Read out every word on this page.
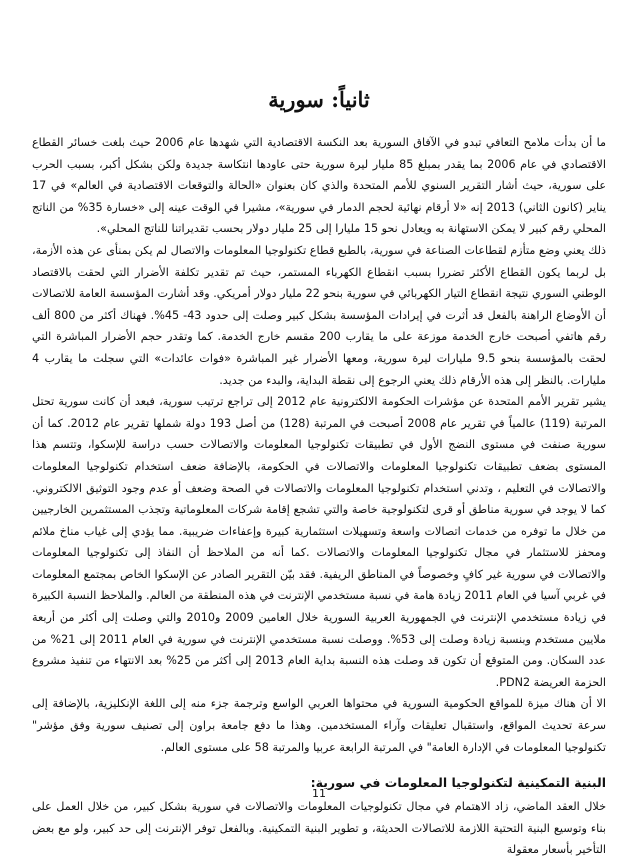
ثانياً: سورية

ما أن بدأت ملامح التعافي تبدو في الآفاق السورية بعد النكسة الاقتصادية التي شهدها عام 2006 حيث بلغت خسائر القطاع الاقتصادي في عام 2006 بما يقدر بمبلغ 85 مليار ليرة سورية حتى عاودها انتكاسة جديدة ولكن بشكل أكبر، بسبب الحرب على سورية، حيث أشار التقرير السنوي للأمم المتحدة والذي كان بعنوان «الحالة والتوقعات الاقتصادية في العالم» في 17 يناير (كانون الثاني) 2013 إنه «لا أرقام نهائية لحجم الدمار في سورية»، مشيرا في الوقت عينه إلى «خسارة 35% من الناتج المحلي رقم كبير لا يمكن الاستهانة به ويعادل نحو 15 مليارا إلى 25 مليار دولار بحسب تقديراتنا للناتج المحلي».

ذلك يعني وضع متأزم لقطاعات الصناعة في سورية، بالطبع قطاع تكنولوجيا المعلومات والاتصال لم يكن بمنأى عن هذه الأزمة، بل لربما يكون القطاع الأكثر تضررا بسبب انقطاع الكهرباء المستمر، حيث تم تقدير تكلفة الأضرار التي لحقت بالاقتصاد الوطني السوري نتيجة انقطاع التيار الكهربائي في سورية بنحو 22 مليار دولار أمريكي. وقد أشارت المؤسسة العامة للاتصالات أن الأوضاع الراهنة بالفعل قد أثرت في إيرادات المؤسسة بشكل كبير وصلت إلى حدود 43- 45%. فهناك أكثر من 800 ألف رقم هاتفي أصبحت خارج الخدمة موزعة على ما يقارب 200 مقسم خارج الخدمة. كما وتقدر حجم الأضرار المباشرة التي لحقت بالمؤسسة بنحو 9.5 مليارات ليرة سورية، ومعها الأضرار غير المباشرة «فوات عائدات» التي سجلت ما يقارب 4 مليارات. بالنظر إلى هذه الأرقام ذلك يعني الرجوع إلى نقطة البداية، والبدء من جديد.

يشير تقرير الأمم المتحدة عن مؤشرات الحكومة الالكترونية عام 2012 إلى تراجع ترتيب سورية، فبعد أن كانت سورية تحتل المرتبة (119) عالمياً في تقرير عام 2008 أصبحت في المرتبة (128) من أصل 193 دولة شملها تقرير عام 2012. كما أن سورية صنفت في مستوى النضج الأول في تطبيقات تكنولوجيا المعلومات والاتصالات حسب دراسة للإسكوا، وتتسم هذا المستوى بضعف تطبيقات تكنولوجيا المعلومات والاتصالات في الحكومة، بالإضافة ضعف استخدام تكنولوجيا المعلومات والاتصالات في التعليم ، وتدني استخدام تكنولوجيا المعلومات والاتصالات في الصحة وضعف أو عدم وجود التوثيق الالكتروني. كما لا يوجد في سورية مناطق أو قرى لتكنولوجية خاصة والتي تشجع إقامة شركات المعلوماتية وتجذب المستثمرين الخارجيين من خلال ما توفره من خدمات اتصالات واسعة وتسهيلات استثمارية كبيرة وإعفاءات ضريبية. مما يؤدي إلى غياب مناخ ملائم ومحفز للاستثمار في مجال تكنولوجيا المعلومات والاتصالات .كما أنه من الملاحظ أن النفاذ إلى تكنولوجيا المعلومات والاتصالات في سورية غير كافٍ وخصوصاً في المناطق الريفية. فقد بيّن التقرير الصادر عن الإسكوا الخاص بمجتمع المعلومات في غربي آسيا في العام 2011 زيادة هامة في نسبة مستخدمي الإنترنت في هذه المنطقة من العالم. والملاحظ النسبة الكبيرة في زيادة مستخدمي الإنترنت في الجمهورية العربية السورية خلال العامين 2009 و2010 والتي وصلت إلى أكثر من أربعة ملايين مستخدم وبنسبة زيادة وصلت إلى 53%. ووصلت نسبة مستخدمي الإنترنت في سورية في العام 2011 إلى 21% من عدد السكان. ومن المتوقع أن تكون قد وصلت هذه النسبة بداية العام 2013 إلى أكثر من 25% بعد الانتهاء من تنفيذ مشروع الحزمة العريضة PDN2.

الا أن هناك ميزة للمواقع الحكومية السورية في محتواها العربي الواسع وترجمة جزء منه إلى اللغة الإنكليزية، بالإضافة إلى سرعة تحديث المواقع، واستقبال تعليقات وآراء المستخدمين. وهذا ما دفع جامعة براون إلى تصنيف سورية وفق مؤشر" تكنولوجيا المعلومات في الإدارة العامة" في المرتبة الرابعة عربيا والمرتبة 58 على مستوى العالم.

البنية التمكينية لتكنولوجيا المعلومات في سورية:

خلال العقد الماضي، زاد الاهتمام في مجال تكنولوجيات المعلومات والاتصالات في سورية بشكل كبير، من خلال العمل على بناء وتوسيع البنية التحتية اللازمة للاتصالات الحديثة، و تطوير البنية التمكينية. وبالفعل توفر الإنترنت إلى حد كبير، ولو مع بعض التأخير بأسعار معقولة

11
